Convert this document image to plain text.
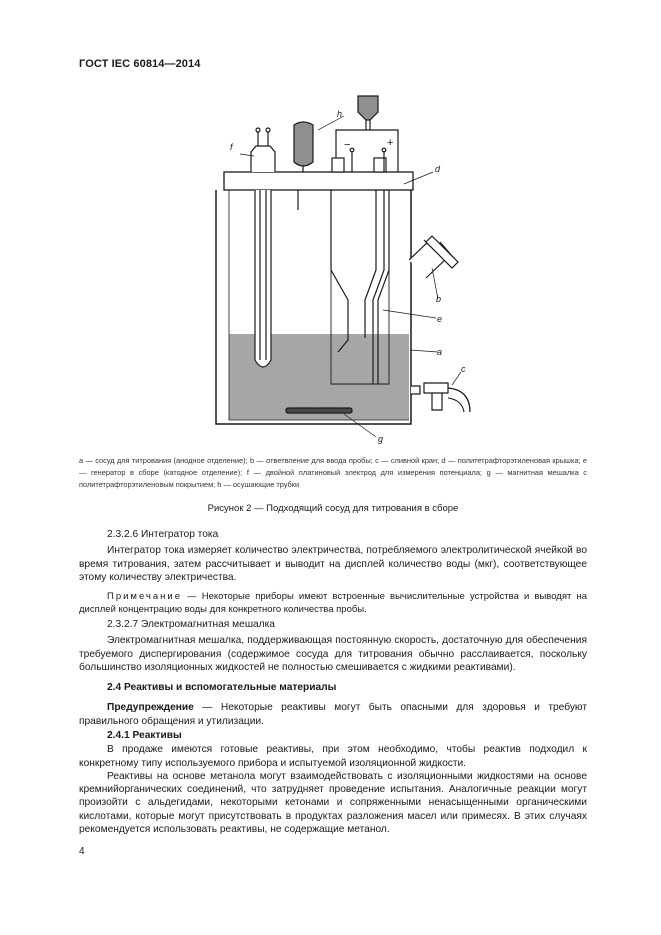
ГОСТ IEC 60814—2014
f
h
d
b
e
a
c
g
−	+
a — сосуд для титрования (анодное отделение); b — ответвление для ввода пробы; c — сливной кран; d — политетрафторэтиленовая крышка; e — генератор в сборе (катодное отделение); f — двойной платиновый электрод для измерения потенциала; g — магнитная мешалка с политетрафторэтиленовым покрытием; h — осушающие трубки
Рисунок 2 — Подходящий сосуд для титрования в сборе

2.3.2.6 Интегратор тока

Интегратор тока измеряет количество электричества, потребляемого электролитической ячейкой во время титрования, затем рассчитывает и выводит на дисплей количество воды (мкг), соответствующее этому количеству электричества.

Примечание — Некоторые приборы имеют встроенные вычислительные устройства и выводят на дисплей концентрацию воды для конкретного количества пробы.

2.3.2.7 Электромагнитная мешалка

Электромагнитная мешалка, поддерживающая постоянную скорость, достаточную для обеспечения требуемого диспергирования (содержимое сосуда для титрования обычно расслаивается, поскольку большинство изоляционных жидкостей не полностью смешивается с жидкими реактивами).

2.4 Реактивы и вспомогательные материалы

Предупреждение — Некоторые реактивы могут быть опасными для здоровья и требуют правильного обращения и утилизации.

2.4.1 Реактивы

В продаже имеются готовые реактивы, при этом необходимо, чтобы реактив подходил к конкретному типу используемого прибора и испытуемой изоляционной жидкости.

Реактивы на основе метанола могут взаимодействовать с изоляционными жидкостями на основе кремнийорганических соединений, что затрудняет проведение испытания. Аналогичные реакции могут произойти с альдегидами, некоторыми кетонами и сопряженными ненасыщенными органическими кислотами, которые могут присутствовать в продуктах разложения масел или примесях. В этих случаях рекомендуется использовать реактивы, не содержащие метанол.

4
